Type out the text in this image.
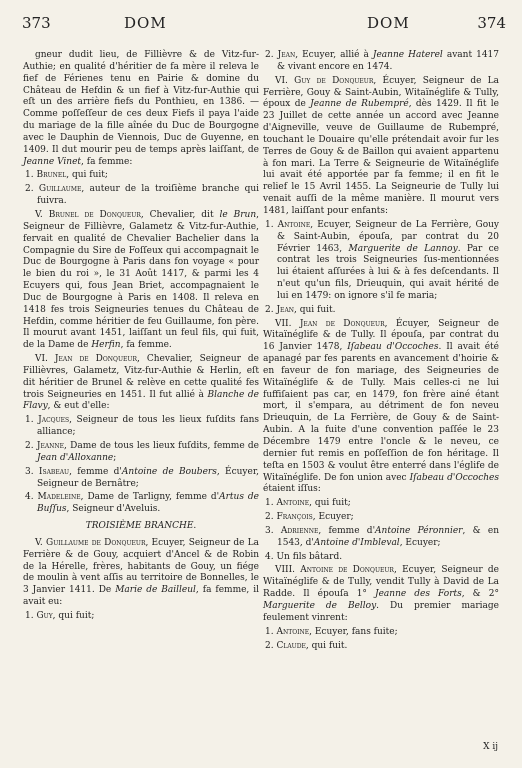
373	DOM	DOM	374

gneur dudit lieu, de Fillièvre & de Vitz-fur-Authie; en qualité d'héritier de fa mère il releva le fief de Férienes tenu en Pairie & domine du Château de Hefdin & un fief à Vitz-fur-Authie qui eſt un des arrière fiefs du Ponthieu, en 1386. — Comme poſſeſſeur de ces deux Fiefs il paya l'aide du mariage de la fille aînée du Duc de Bourgogne avec le Dauphin de Viennois, Duc de Guyenne, en 1409. Il dut mourir peu de temps après laiſſant, de Jeanne Vinet, fa femme:

1. Brunel, qui fuit;

2. Guillaume, auteur de la troiſième branche qui fuivra.

V. Brunel de Donqueur, Chevalier, dit le Brun, Seigneur de Fillièvre, Galametz & Vitz-fur-Authie, fervait en qualité de Chevalier Bachelier dans la Compagnie du Sire de Foſſeux qui accompagnait le Duc de Bourgogne à Paris dans fon voyage « pour le bien du roi », le 31 Août 1417, & parmi les 4 Ecuyers qui, fous Jean Briet, accompagnaient le Duc de Bourgogne à Paris en 1408. Il releva en 1418 fes trois Seigneuries tenues du Château de Hefdin, comme héritier de feu Guillaume, fon père. Il mourut avant 1451, laiſſant un feul fils, qui fuit, de la Dame de Herfin, fa femme.

VI. Jean de Donqueur, Chevalier, Seigneur de Fillièvres, Galametz, Vitz-fur-Authie & Herlin, eſt dit héritier de Brunel & relève en cette qualité fes trois Seigneuries en 1451. Il fut allié à Blanche de Flavy, & eut d'elle:

1. Jacques, Seigneur de tous les lieux fuſdits fans alliance;

2. Jeanne, Dame de tous les lieux fuſdits, femme de Jean d'Alloxanne;

3. Isabeau, femme d'Antoine de Boubers, Écuyer, Seigneur de Bernâtre;

4. Madeleine, Dame de Tarligny, femme d'Artus de Buſſus, Seigneur d'Aveluis.

TROISIÈME BRANCHE.

V. Guillaume de Donqueur, Ecuyer, Seigneur de La Ferrière & de Gouy, acquiert d'Ancel & de Robin de la Hérelle, frères, habitants de Gouy, un fiége de moulin à vent aſſis au territoire de Bonnelles, le 3 Janvier 1411. De Marie de Bailleul, fa femme, il avait eu:

1. Guy, qui fuit;

2. Jean, Ecuyer, allié à Jeanne Haterel avant 1417 & vivant encore en 1474.

VI. Guy de Donqueur, Écuyer, Seigneur de La Ferrière, Gouy & Saint-Aubin, Witaïnéglife & Tully, époux de Jeanne de Rubempré, dès 1429. Il fit le 23 Juillet de cette année un accord avec Jeanne d'Aigneville, veuve de Guillaume de Rubempré, touchant le Douaire qu'elle prétendait avoir fur les Terres de Gouy & de Baillon qui avaient appartenu à fon mari. La Terre & Seigneurie de Witaïnéglife lui avait été apportée par fa femme; il en fit le relief le 15 Avril 1455. La Seigneurie de Tully lui venait auſſi de la même manière. Il mourut vers 1481, laiſſant pour enfants:

1. Antoine, Ecuyer, Seigneur de La Ferrière, Gouy & Saint-Aubin, épouſa, par contrat du 20 Février 1463, Marguerite de Lannoy. Par ce contrat les trois Seigneuries ſus-mentionnées lui étaient aſſurées à lui & à fes deſcendants. Il n'eut qu'un fils, Drieuquin, qui avait hérité de lui en 1479: on ignore s'il fe maria;

2. Jean, qui fuit.

VII. Jean de Donqueur, Écuyer, Seigneur de Witaïnéglife & de Tully. Il épouſa, par contrat du 16 Janvier 1478, Iſabeau d'Occoches. Il avait été apanagé par fes parents en avancement d'hoirie & en faveur de fon mariage, des Seigneuries de Witaïnéglife & de Tully. Mais celles-ci ne lui fuffiſaient pas car, en 1479, fon frère ainé étant mort, il s'empara, au détriment de fon neveu Drieuquin, de La Ferrière, de Gouy & de Saint-Aubin. A la fuite d'une convention paſſée le 23 Décembre 1479 entre l'oncle & le neveu, ce dernier fut remis en poſſeſſion de fon héritage. Il teſta en 1503 & voulut être enterré dans l'églife de Witaïnéglife. De fon union avec Iſabeau d'Occoches étaient iſſus:

1. Antoine, qui fuit;

2. François, Ecuyer;

3. Adrienne, femme d'Antoine Péronnier, & en 1543, d'Antoine d'Imbleval, Ecuyer;

4. Un fils bâtard.

VIII. Antoine de Donqueur, Ecuyer, Seigneur de Witaïnéglife & de Tully, vendit Tully à David de La Radde. Il épouſa 1° Jeanne des Forts, & 2° Marguerite de Belloy. Du premier mariage feulement vinrent:

1. Antoine, Ecuyer, fans fuite;

2. Claude, qui fuit.

X ij
